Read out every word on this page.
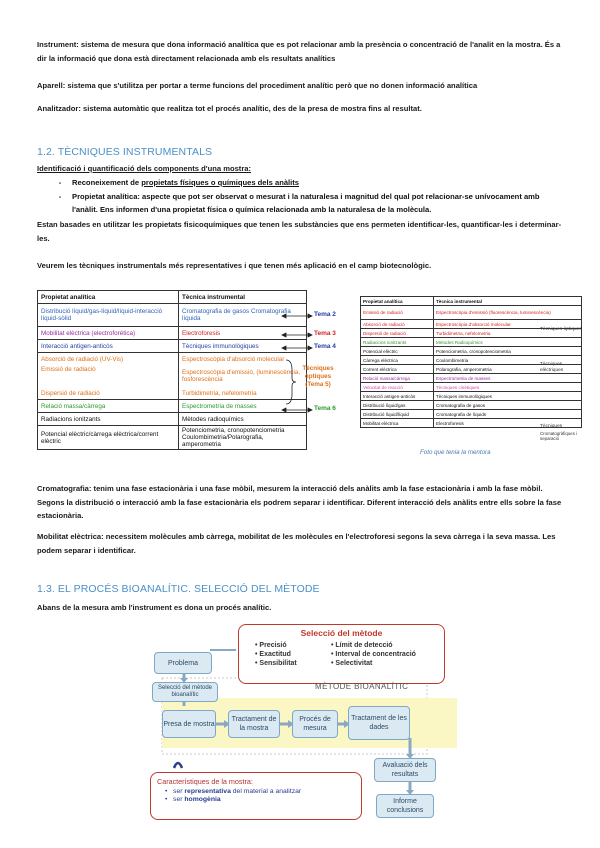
Instrument: sistema de mesura que dona informació analítica que es pot relacionar amb la presència o concentració de l'analit en la mostra. És a dir la informació que dona està directament relacionada amb els resultats analítics
Aparell: sistema que s'utilitza per portar a terme funcions del procediment analític però que no donen informació analítica
Analitzador: sistema automàtic que realitza tot el procés analític, des de la presa de mostra fins al resultat.
1.2. TÈCNIQUES INSTRUMENTALS
Identificació i quantificació dels components d'una mostra:
-	Reconeixement de propietats físiques o químiques dels anàlits
-	Propietat analítica: aspecte que pot ser observat o mesurat i la naturalesa i magnitud del qual pot relacionar-se unívocament amb l'anàlit. Ens informen d'una propietat física o química relacionada amb la naturalesa de la molècula.
Estan basades en utilitzar les propietats fisicoquímiques que tenen les substàncies que ens permeten identificar-les, quantificar-les i determinar-les.
Veurem les tècniques instrumentals més representatives i que tenen més aplicació en el camp biotecnològic.
Propietat analítica	Tècnica instrumental
Distribució líquid/gas-líquid/líquid-interacció líquid-sòlid	Cromatografia de gasos Cromatografia líquida
Mobilitat elèctrica (electroforètica)	Electroforesis
Interacció antigen-anticòs	Tècniques immunològiques
Absorció de radiació (UV-Vis)	Espectroscòpia d'absorció molecular
Emissió de radiació	Espectroscòpia d'emissió, (luminescència, fosforescència
Dispersió de radiació	Turbidimetria, nefelometria
Relació massa/càrrega	Espectrometria de masses
Radiacions ionitzants	Mètodes radioquímics
Potencial elèctric/càrrega elèctrica/corrent elèctric	Potenciometria, cronopotenciometria Coulombimetria/Polarografia, amperometria
Tema 2
Tema 3
Tema 4
Tècniques òptiques (Tema 5)
Tema 6
Propietat analítica	Tècnica instrumental
Emissió de radiació	Espectroscòpia d'emissió (fluorescència, luminescència)
Absorció de radiació	Espectroscòpia d'absorció molecular
Dispersió de radiació	Turbidimetria, nefelometria
Radiacions ionitzants	Mètodes Radioquímics
Potencial elèctric	Potenciometria, cronopotenciometria
Càrrega elèctrica	Coulombimetria
Corrent elèctrica	Polarografia, amperometria
Relació massa/càrrega	Espectrometria de masses
Velocitat de reacció	Tècniques cinètiques
Interacció antigen-anticòs	Tècniques immunològiques
Distribució líquid/gas	Cromatografia de gasos
Distribució líquid/líquid	Cromatografia de líquids
Mobilitat elèctrica	Electroforesis
Tècniques òptiques
Tècniques elèctriques
Tècniques
Cromatogràfiques i separació
Foto que tenia la mentora
Cromatografia: tenim una fase estacionària i una fase mòbil, mesurem la interacció dels anàlits amb la fase estacionària i amb la fase mòbil. Segons la distribució o interacció amb la fase estacionària els podrem separar i identificar. Diferent interacció dels anàlits entre ells sobre la fase estacionària.
Mobilitat elèctrica: necessitem molècules amb càrrega, mobilitat de les molècules en l'electroforesi segons la seva càrrega i la seva massa. Les podem separar i identificar.
1.3. EL PROCÉS BIOANALÍTIC. SELECCIÓ DEL MÈTODE
Abans de la mesura amb l'instrument es dona un procés analític.
Selecció del mètode
• Precisió
• Exactitud
• Sensibilitat
• Límit de detecció
• Interval de concentració
• Selectivitat
Problema
Selecció del mètode bioanalític
MÈTODE BIOANALÍTIC
Presa de mostra
Tractament de la mostra
Procés de mesura
Tractament de les dades
Avaluació dels resultats
Informe conclusions
Característiques de la mostra:
•   ser representativa del material a analitzar
•   ser homogènia
